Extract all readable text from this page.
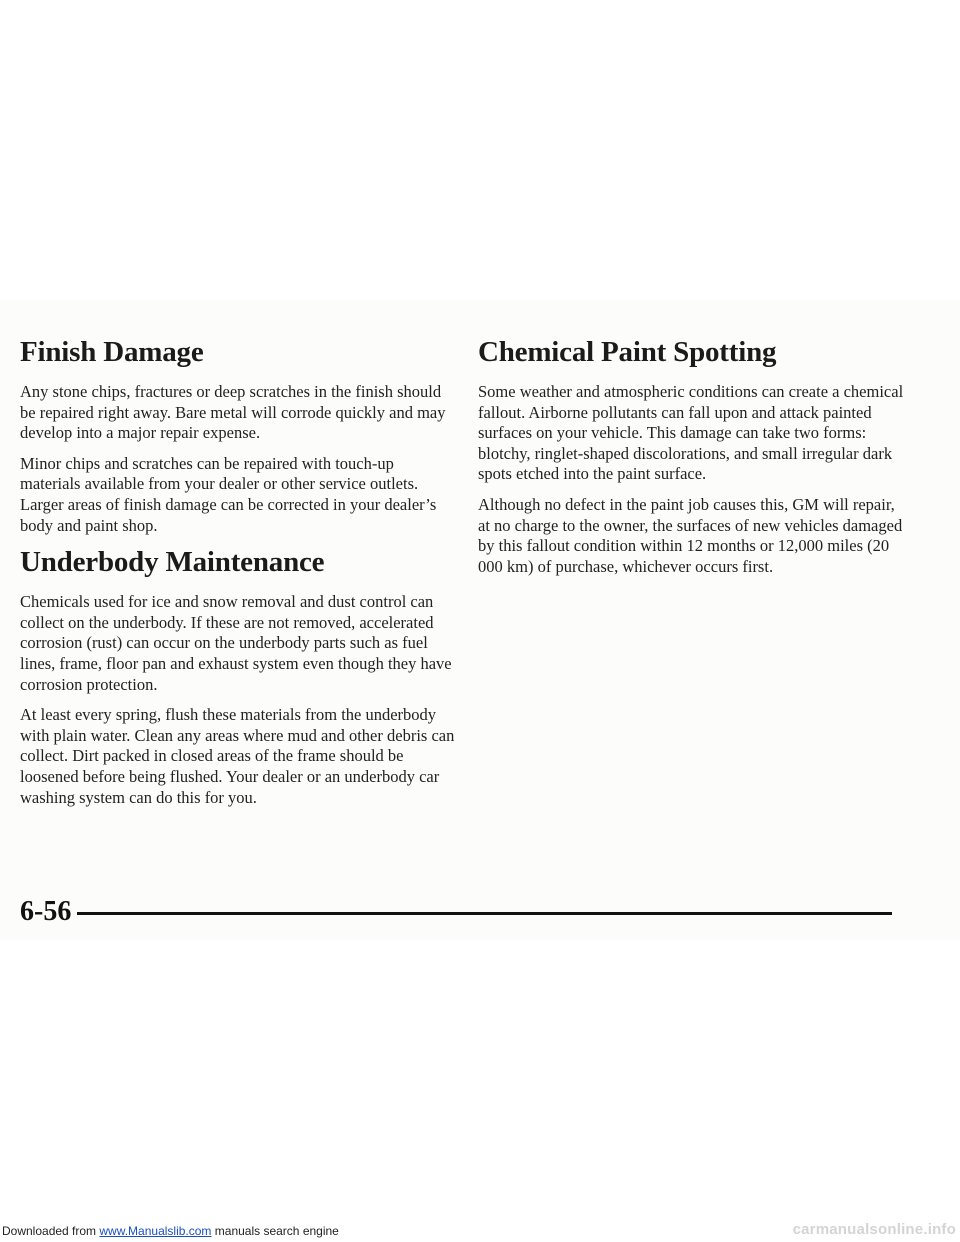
Finish Damage

Any stone chips, fractures or deep scratches in the finish should be repaired right away. Bare metal will corrode quickly and may develop into a major repair expense.

Minor chips and scratches can be repaired with touch-up materials available from your dealer or other service outlets. Larger areas of finish damage can be corrected in your dealer’s body and paint shop.

Underbody Maintenance

Chemicals used for ice and snow removal and dust control can collect on the underbody. If these are not removed, accelerated corrosion (rust) can occur on the underbody parts such as fuel lines, frame, floor pan and exhaust system even though they have corrosion protection.

At least every spring, flush these materials from the underbody with plain water. Clean any areas where mud and other debris can collect. Dirt packed in closed areas of the frame should be loosened before being flushed. Your dealer or an underbody car washing system can do this for you.

Chemical Paint Spotting

Some weather and atmospheric conditions can create a chemical fallout. Airborne pollutants can fall upon and attack painted surfaces on your vehicle. This damage can take two forms: blotchy, ringlet-shaped discolorations, and small irregular dark spots etched into the paint surface.

Although no defect in the paint job causes this, GM will repair, at no charge to the owner, the surfaces of new vehicles damaged by this fallout condition within 12 months or 12,000 miles (20 000 km) of purchase, whichever occurs first.

6-56
Downloaded from www.Manualslib.com manuals search engine	carmanualsonline.info
